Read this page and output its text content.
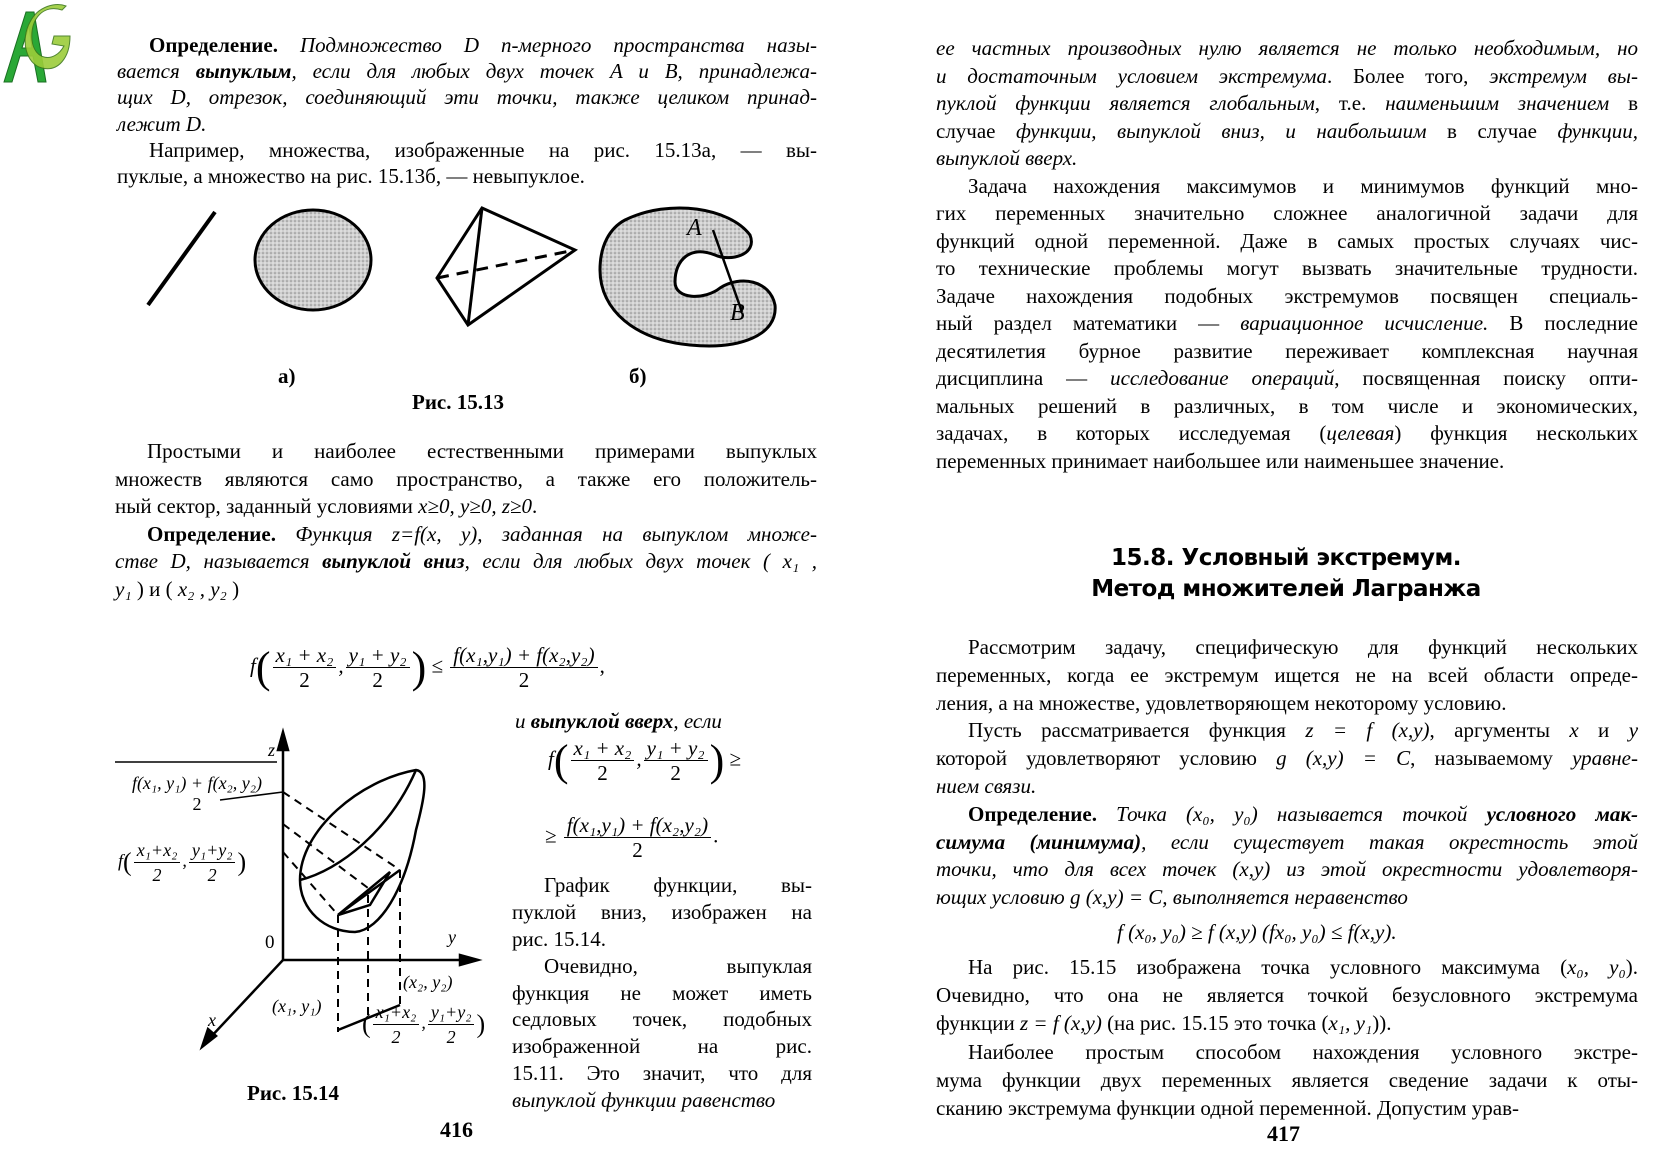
Определение. Подмножество D n-мерного пространства назы-
вается выпуклым, если для любых двух точек A и B, принадлежа-
щих D, отрезок, соединяющий эти точки, также целиком принад-
лежит D.
Например, множества, изображенные на рис. 15.13а, — вы-
пуклые, а множество на рис. 15.13б, — невыпуклое.
A
B
а)	б)
Рис. 15.13
Простыми и наиболее естественными примерами выпуклых
множеств являются само пространство, а также его положитель-
ный сектор, заданный условиями x≥0, y≥0, z≥0.
Определение. Функция z=f(x, y), заданная на выпуклом множе-
стве D, называется выпуклой вниз, если для любых двух точек ( x₁ ,
y₁ ) и ( x₂ , y₂ )
$f( \frac{\text{x₁ + x₂}}{2}$ , $\frac{\text{y₁ + y₂}}{2}$ ) ≤ $\frac{\text{f(x₁,y₁) + f(x₂,y₂)}}{2}$ ,
и выпуклой вверх, если
$f( \frac{\text{x₁ + x₂}}{2}$ , $\frac{\text{y₁ + y₂}}{2}$ ) ≥
≥ $\frac{\text{f(x₁,y₁) + f(x₂,y₂)}}{2}$ .
z
y
x
0
f(x₁, y₁) + f(x₂, y₂)
2
$f( \frac{\text{x₁+x₂}}{2}$ , $\frac{\text{y₁+y₂}}{2}$ )
(x₁, y₁)
(x₂, y₂)
( $\frac{\text{x₁+x₂}}{2}$ , $\frac{\text{y₁+y₂}}{2}$ )
Рис. 15.14
График функции, вы-
пуклой вниз, изображен на
рис. 15.14.
Очевидно, выпуклая
функция не может иметь
седловых точек, подобных
изображенной на рис.
15.11. Это значит, что для
выпуклой функции равенство
416
ее частных производных нулю является не только необходимым, но
и достаточным условием экстремума. Более того, экстремум вы-
пуклой функции является глобальным, т.е. наименьшим значением в
случае функции, выпуклой вниз, и наибольшим в случае функции,
выпуклой вверх.
Задача нахождения максимумов и минимумов функций мно-
гих переменных значительно сложнее аналогичной задачи для
функций одной переменной. Даже в самых простых случаях чис-
то технические проблемы могут вызвать значительные трудности.
Задаче нахождения подобных экстремумов посвящен специаль-
ный раздел математики — вариационное исчисление. В последние
десятилетия бурное развитие переживает комплексная научная
дисциплина — исследование операций, посвященная поиску опти-
мальных решений в различных, в том числе и экономических,
задачах, в которых исследуемая (целевая) функция нескольких
переменных принимает наибольшее или наименьшее значение.
15.8. Условный экстремум.
Метод множителей Лагранжа
Рассмотрим задачу, специфическую для функций нескольких
переменных, когда ее экстремум ищется не на всей области опреде-
ления, а на множестве, удовлетворяющем некоторому условию.
Пусть рассматривается функция z = f (x,y), аргументы x и y
которой удовлетворяют условию g (x,y) = C, называемому уравне-
нием связи.
Определение. Точка (x₀, y₀) называется точкой условного мак-
симума (минимума), если существует такая окрестность этой
точки, что для всех точек (x,y) из этой окрестности удовлетворя-
ющих условию g (x,y) = C, выполняется неравенство
f (x₀, y₀) ≥ f (x,y) (fx₀, y₀) ≤ f(x,y).
На рис. 15.15 изображена точка условного максимума (x₀, y₀).
Очевидно, что она не является точкой безусловного экстремума
функции z = f (x,y) (на рис. 15.15 это точка (x₁, y₁)).
Наиболее простым способом нахождения условного экстре-
мума функции двух переменных является сведение задачи к оты-
сканию экстремума функции одной переменной. Допустим урав-
417
